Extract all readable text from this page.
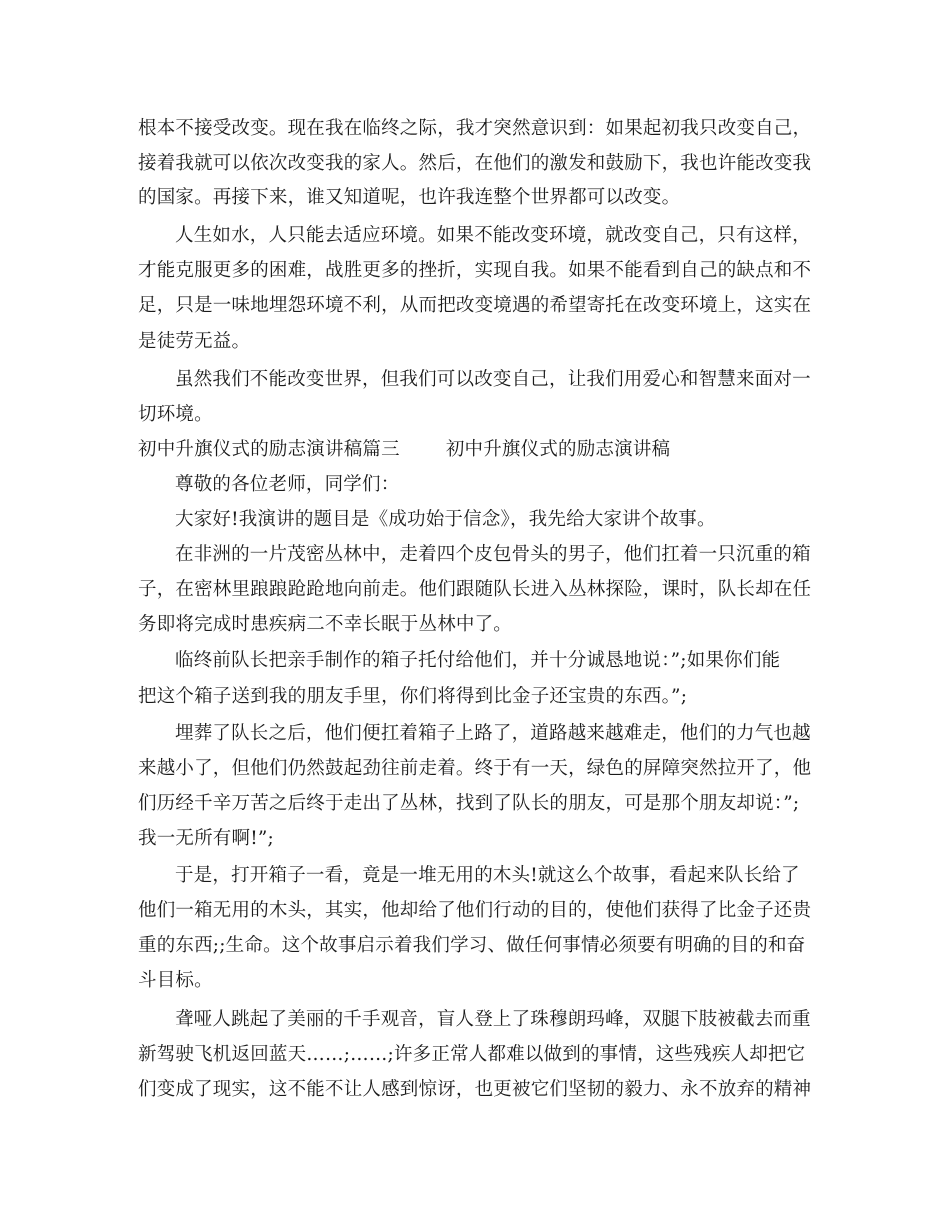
根本不接受改变。现在我在临终之际，我才突然意识到：如果起初我只改变自己，
接着我就可以依次改变我的家人。然后，在他们的激发和鼓励下，我也许能改变我
的国家。再接下来，谁又知道呢，也许我连整个世界都可以改变。
人生如水，人只能去适应环境。如果不能改变环境，就改变自己，只有这样，
才能克服更多的困难，战胜更多的挫折，实现自我。如果不能看到自己的缺点和不
足，只是一味地埋怨环境不利，从而把改变境遇的希望寄托在改变环境上，这实在
是徒劳无益。
虽然我们不能改变世界，但我们可以改变自己，让我们用爱心和智慧来面对一
切环境。
初中升旗仪式的励志演讲稿篇三 初中升旗仪式的励志演讲稿
尊敬的各位老师，同学们：
大家好!我演讲的题目是《成功始于信念》，我先给大家讲个故事。
在非洲的一片茂密丛林中，走着四个皮包骨头的男子，他们扛着一只沉重的箱
子，在密林里踉踉跄跄地向前走。他们跟随队长进入丛林探险，课时，队长却在任
务即将完成时患疾病二不幸长眠于丛林中了。
临终前队长把亲手制作的箱子托付给他们，并十分诚恳地说：”;如果你们能
把这个箱子送到我的朋友手里，你们将得到比金子还宝贵的东西。”;
埋葬了队长之后，他们便扛着箱子上路了，道路越来越难走，他们的力气也越
来越小了，但他们仍然鼓起劲往前走着。终于有一天，绿色的屏障突然拉开了，他
们历经千辛万苦之后终于走出了丛林，找到了队长的朋友，可是那个朋友却说：”;
我一无所有啊!”;
于是，打开箱子一看，竟是一堆无用的木头!就这么个故事，看起来队长给了
他们一箱无用的木头，其实，他却给了他们行动的目的，使他们获得了比金子还贵
重的东西;;生命。这个故事启示着我们学习、做任何事情必须要有明确的目的和奋
斗目标。
聋哑人跳起了美丽的千手观音，盲人登上了珠穆朗玛峰，双腿下肢被截去而重
新驾驶飞机返回蓝天……;……;许多正常人都难以做到的事情，这些残疾人却把它
们变成了现实，这不能不让人感到惊讶，也更被它们坚韧的毅力、永不放弃的精神
